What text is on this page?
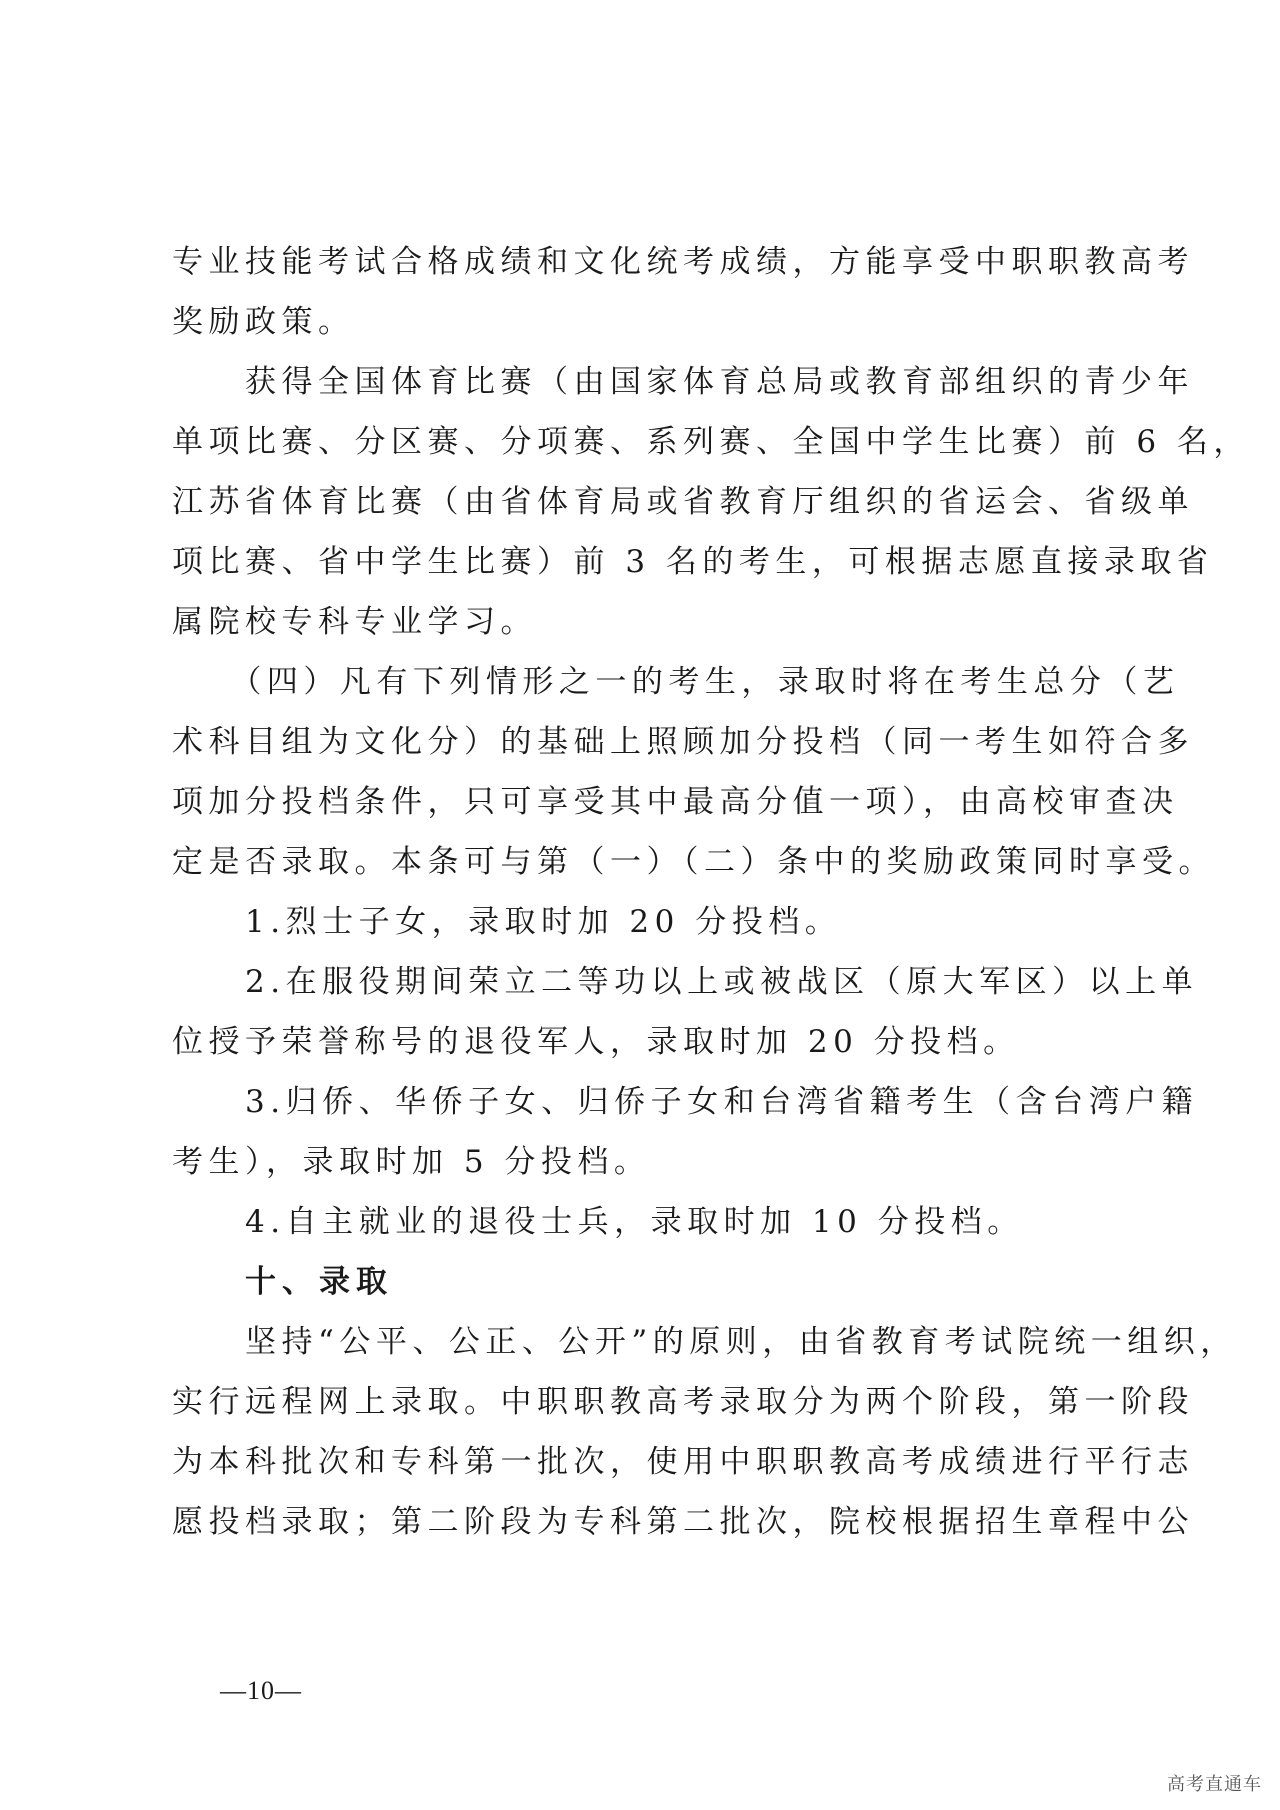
专业技能考试合格成绩和文化统考成绩，方能享受中职职教高考
奖励政策。
获得全国体育比赛（由国家体育总局或教育部组织的青少年
单项比赛、分区赛、分项赛、系列赛、全国中学生比赛）前 6 名，
江苏省体育比赛（由省体育局或省教育厅组织的省运会、省级单
项比赛、省中学生比赛）前 3 名的考生，可根据志愿直接录取省
属院校专科专业学习。
（四）凡有下列情形之一的考生，录取时将在考生总分（艺
术科目组为文化分）的基础上照顾加分投档（同一考生如符合多
项加分投档条件，只可享受其中最高分值一项），由高校审查决
定是否录取。本条可与第（一）（二）条中的奖励政策同时享受。
1.烈士子女，录取时加 20 分投档。
2.在服役期间荣立二等功以上或被战区（原大军区）以上单
位授予荣誉称号的退役军人，录取时加 20 分投档。
3.归侨、华侨子女、归侨子女和台湾省籍考生（含台湾户籍
考生），录取时加 5 分投档。
4.自主就业的退役士兵，录取时加 10 分投档。
十、录取
坚持“公平、公正、公开”的原则，由省教育考试院统一组织，
实行远程网上录取。中职职教高考录取分为两个阶段，第一阶段
为本科批次和专科第一批次，使用中职职教高考成绩进行平行志
愿投档录取；第二阶段为专科第二批次，院校根据招生章程中公
—10—
高考直通车
